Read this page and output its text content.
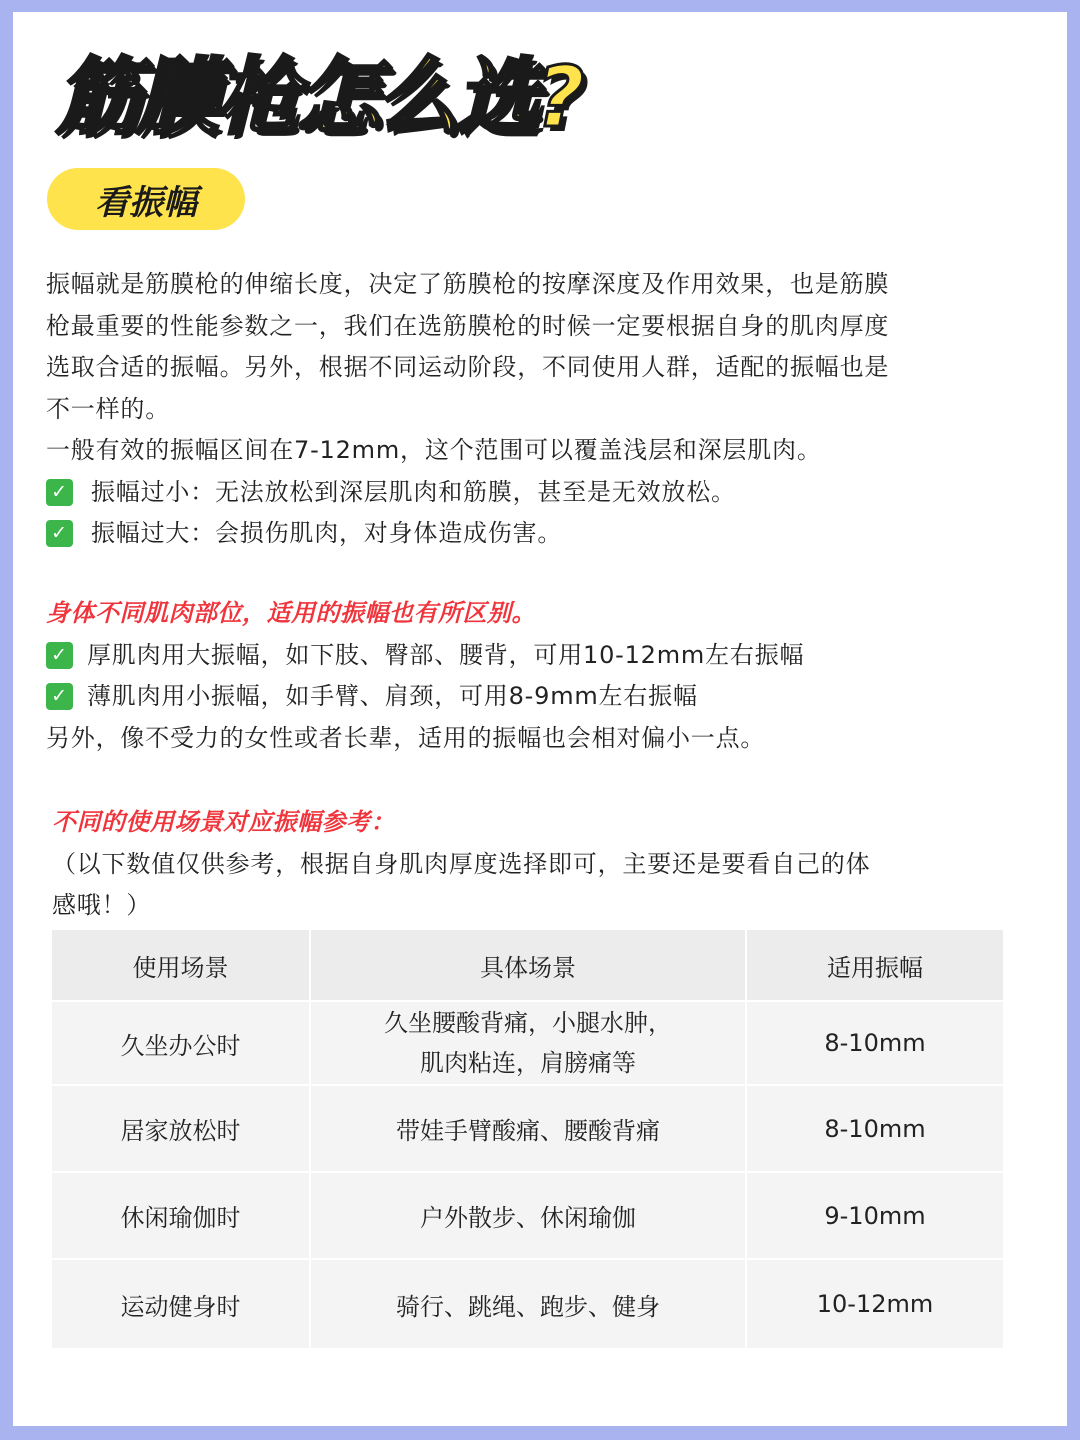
筋膜枪 怎么选?
看振幅
振幅就是筋膜枪的伸缩长度，决定了筋膜枪的按摩深度及作用效果，也是筋膜
枪最重要的性能参数之一，我们在选筋膜枪的时候一定要根据自身的肌肉厚度
选取合适的振幅。另外，根据不同运动阶段，不同使用人群，适配的振幅也是
不一样的。
一般有效的振幅区间在7-12mm，这个范围可以覆盖浅层和深层肌肉。
✓ 振幅过小：无法放松到深层肌肉和筋膜，甚至是无效放松。
✓ 振幅过大：会损伤肌肉，对身体造成伤害。
身体不同肌肉部位，适用的振幅也有所区别。
✓ 厚肌肉用大振幅，如下肢、臀部、腰背，可用10-12mm左右振幅
✓ 薄肌肉用小振幅，如手臂、肩颈，可用8-9mm左右振幅
另外，像不受力的女性或者长辈，适用的振幅也会相对偏小一点。
不同的使用场景对应振幅参考：
（以下数值仅供参考，根据自身肌肉厚度选择即可，主要还是要看自己的体
感哦！）
使用场景	具体场景	适用振幅
久坐办公时	久坐腰酸背痛，小腿水肿，
肌肉粘连，肩膀痛等	8-10mm
居家放松时	带娃手臂酸痛、腰酸背痛	8-10mm
休闲瑜伽时	户外散步、休闲瑜伽	9-10mm
运动健身时	骑行、跳绳、跑步、健身	10-12mm
